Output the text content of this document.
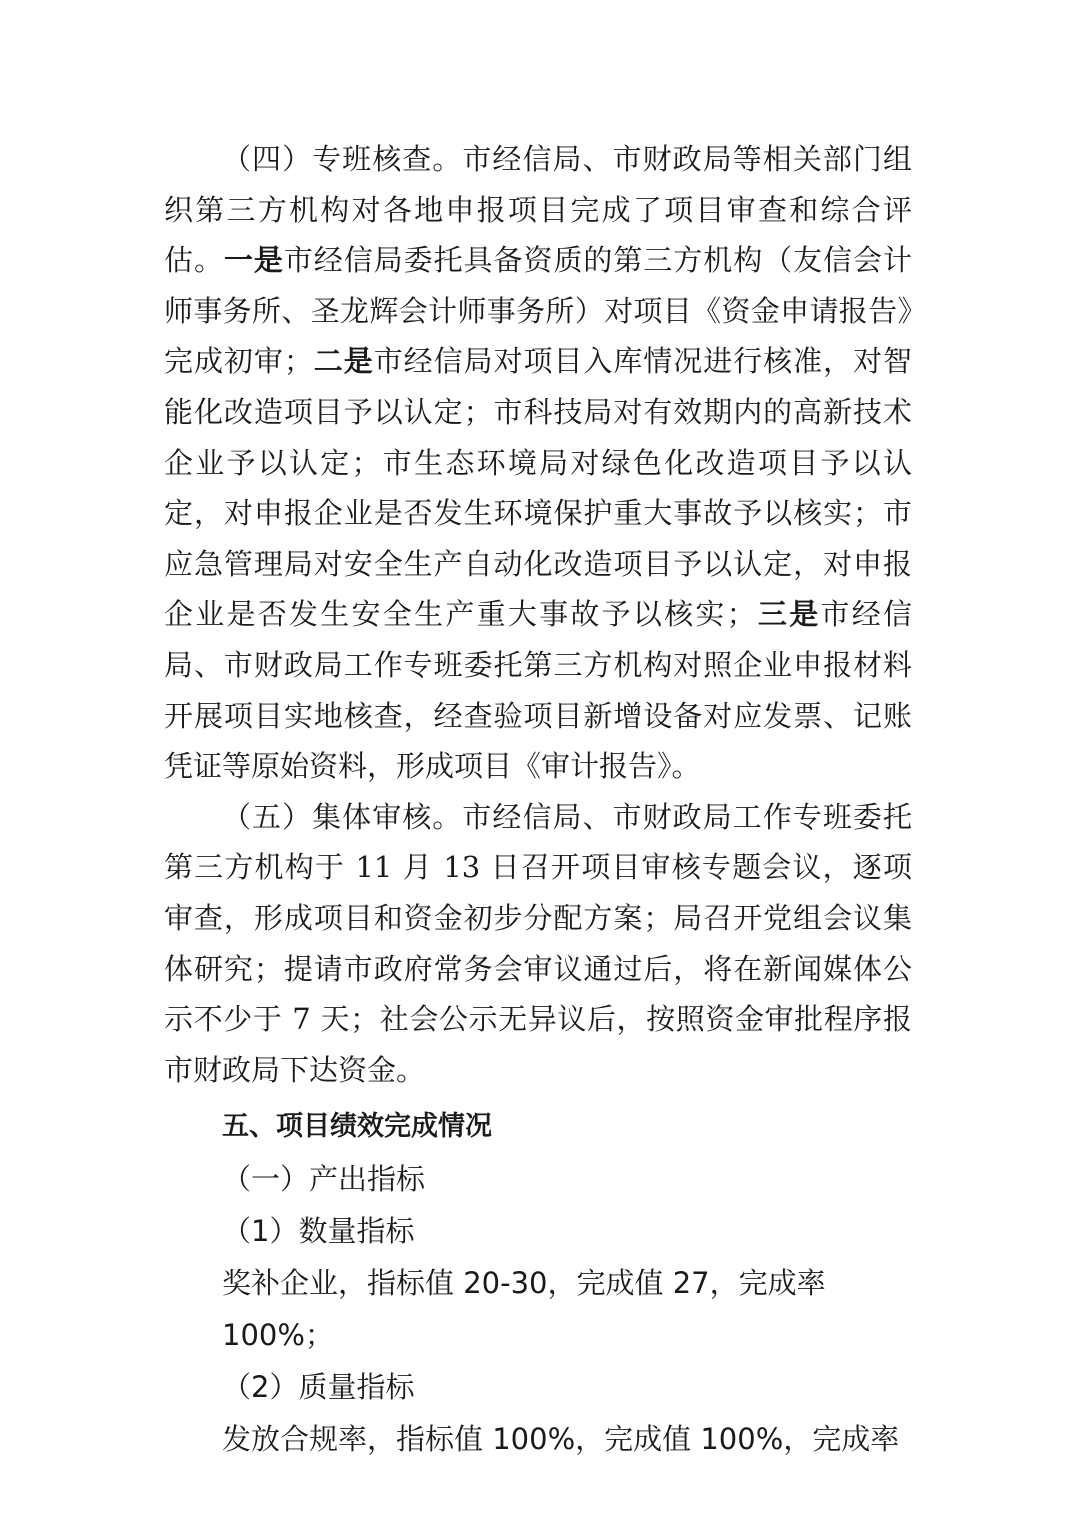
（四）专班核查。市经信局、市财政局等相关部门组织第三方机构对各地申报项目完成了项目审查和综合评估。一是市经信局委托具备资质的第三方机构（友信会计师事务所、圣龙辉会计师事务所）对项目《资金申请报告》完成初审；二是市经信局对项目入库情况进行核准，对智能化改造项目予以认定；市科技局对有效期内的高新技术企业予以认定；市生态环境局对绿色化改造项目予以认定，对申报企业是否发生环境保护重大事故予以核实；市应急管理局对安全生产自动化改造项目予以认定，对申报企业是否发生安全生产重大事故予以核实；三是市经信局、市财政局工作专班委托第三方机构对照企业申报材料开展项目实地核查，经查验项目新增设备对应发票、记账凭证等原始资料，形成项目《审计报告》。

（五）集体审核。市经信局、市财政局工作专班委托第三方机构于 11 月 13 日召开项目审核专题会议，逐项审查，形成项目和资金初步分配方案；局召开党组会议集体研究；提请市政府常务会审议通过后，将在新闻媒体公示不少于 7 天；社会公示无异议后，按照资金审批程序报市财政局下达资金。

五、项目绩效完成情况

（一）产出指标

（1）数量指标

奖补企业，指标值 20-30，完成值 27，完成率 100%；

（2）质量指标

发放合规率，指标值 100%，完成值 100%，完成率
